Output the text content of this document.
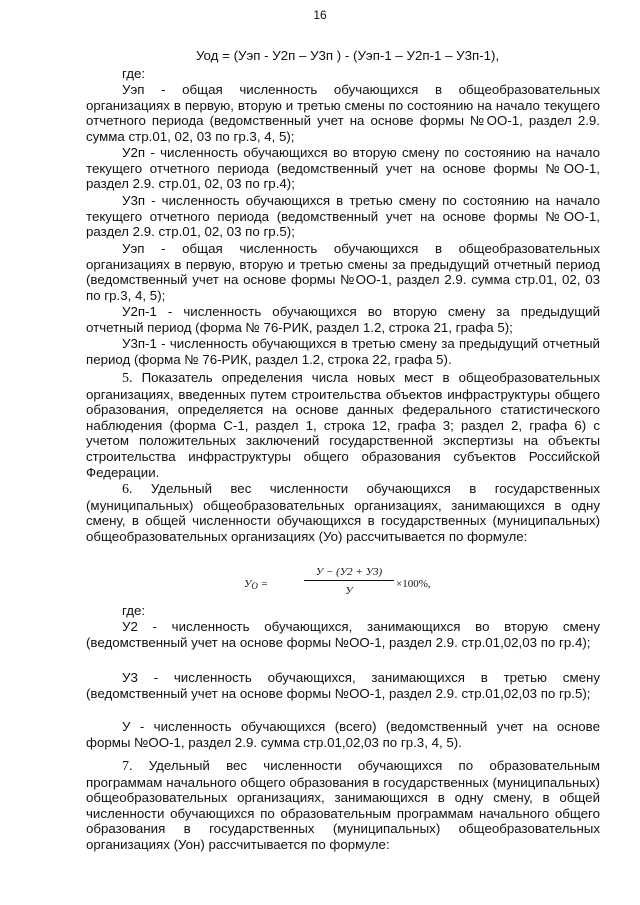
16
Уод = (Уэп - У2п – У3п ) - (Уэп-1 – У2п-1 – У3п-1),
где:
Уэп - общая численность обучающихся в общеобразовательных организациях в первую, вторую и третью смены по состоянию на начало текущего отчетного периода (ведомственный учет на основе формы №ОО-1, раздел 2.9. сумма стр.01, 02, 03 по гр.3, 4, 5);
У2п - численность обучающихся во вторую смену по состоянию на начало текущего отчетного периода (ведомственный учет на основе формы №ОО-1, раздел 2.9. стр.01, 02, 03 по гр.4);
У3п - численность обучающихся в третью смену по состоянию на начало текущего отчетного периода (ведомственный учет на основе формы №ОО-1, раздел 2.9. стр.01, 02, 03 по гр.5);
Уэп - общая численность обучающихся в общеобразовательных организациях в первую, вторую и третью смены за предыдущий отчетный период (ведомственный учет на основе формы №ОО-1, раздел 2.9. сумма стр.01, 02, 03 по гр.3, 4, 5);
У2п-1 - численность обучающихся во вторую смену за предыдущий отчетный период (форма № 76-РИК, раздел 1.2, строка 21, графа 5);
У3п-1 - численность обучающихся в третью смену за предыдущий отчетный период (форма № 76-РИК, раздел 1.2, строка 22, графа 5).
5. Показатель определения числа новых мест в общеобразовательных организациях, введенных путем строительства объектов инфраструктуры общего образования, определяется на основе данных федерального статистического наблюдения (форма С-1, раздел 1, строка 12, графа 3; раздел 2, графа 6) с учетом положительных заключений государственной экспертизы на объекты строительства инфраструктуры общего образования субъектов Российской Федерации.
6. Удельный вес численности обучающихся в государственных (муниципальных) общеобразовательных организациях, занимающихся в одну смену, в общей численности обучающихся в государственных (муниципальных) общеобразовательных организациях (Уо) рассчитывается по формуле:
$У_О$ =
У − (У2 + У3)
У
×100%,
где:
У2 - численность обучающихся, занимающихся во вторую смену (ведомственный учет на основе формы №ОО-1, раздел 2.9. стр.01,02,03 по гр.4);
У3 - численность обучающихся, занимающихся в третью смену (ведомственный учет на основе формы №ОО-1, раздел 2.9. стр.01,02,03 по гр.5);
У - численность обучающихся (всего) (ведомственный учет на основе формы №ОО-1, раздел 2.9. сумма стр.01,02,03 по гр.3, 4, 5).
7. Удельный вес численности обучающихся по образовательным программам начального общего образования в государственных (муниципальных) общеобразовательных организациях, занимающихся в одну смену, в общей численности обучающихся по образовательным программам начального общего образования в государственных (муниципальных) общеобразовательных организациях (Уон) рассчитывается по формуле:
